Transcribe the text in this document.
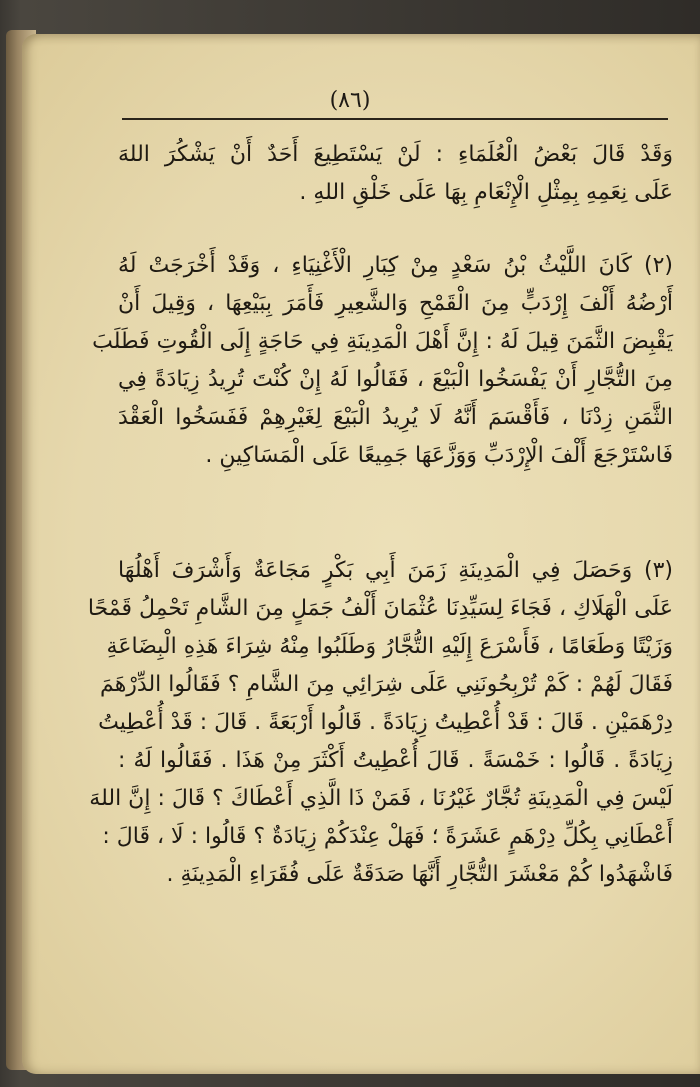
(٨٦)
وَقَدْ قَالَ بَعْضُ الْعُلَمَاءِ : لَنْ يَسْتَطِيعَ أَحَدٌ أَنْ يَشْكُرَ اللهَ
عَلَى نِعَمِهِ بِمِثْلِ الْإِنْعَامِ بِهَا عَلَى خَلْقِ اللهِ .
(٢) كَانَ اللَّيْثُ بْنُ سَعْدٍ مِنْ كِبَارِ الْأَغْنِيَاءِ ، وَقَدْ أَخْرَجَتْ لَهُ
أَرْضُهُ أَلْفَ إِرْدَبٍّ مِنَ الْقَمْحِ وَالشَّعِيرِ فَأَمَرَ بِبَيْعِهَا ، وَقِيلَ أَنْ
يَقْبِضَ الثَّمَنَ قِيلَ لَهُ : إِنَّ أَهْلَ الْمَدِينَةِ فِي حَاجَةٍ إِلَى الْقُوتِ فَطَلَبَ
مِنَ التُّجَّارِ أَنْ يَفْسَخُوا الْبَيْعَ ، فَقَالُوا لَهُ إِنْ كُنْتَ تُرِيدُ زِيَادَةً فِي
الثَّمَنِ زِدْنَا ، فَأَقْسَمَ أَنَّهُ لَا يُرِيدُ الْبَيْعَ لِغَيْرِهِمْ فَفَسَخُوا الْعَقْدَ
فَاسْتَرْجَعَ أَلْفَ الْإِرْدَبِّ وَوَزَّعَهَا جَمِيعًا عَلَى الْمَسَاكِينِ .
(٣) وَحَصَلَ فِي الْمَدِينَةِ زَمَنَ أَبِي بَكْرٍ مَجَاعَةٌ وَأَشْرَفَ أَهْلُهَا
عَلَى الْهَلَاكِ ، فَجَاءَ لِسَيِّدِنَا عُثْمَانَ أَلْفُ جَمَلٍ مِنَ الشَّامِ تَحْمِلُ قَمْحًا
وَزَيْتًا وَطَعَامًا ، فَأَسْرَعَ إِلَيْهِ التُّجَّارُ وَطَلَبُوا مِنْهُ شِرَاءَ هَذِهِ الْبِضَاعَةِ
فَقَالَ لَهُمْ : كَمْ تُرْبِحُونَنِي عَلَى شِرَائِي مِنَ الشَّامِ ؟ فَقَالُوا الدِّرْهَمَ
دِرْهَمَيْنِ . قَالَ : قَدْ أُعْطِيتُ زِيَادَةً . قَالُوا أَرْبَعَةً . قَالَ : قَدْ أُعْطِيتُ
زِيَادَةً . قَالُوا : خَمْسَةً . قَالَ أُعْطِيتُ أَكْثَرَ مِنْ هَذَا . فَقَالُوا لَهُ :
لَيْسَ فِي الْمَدِينَةِ تُجَّارٌ غَيْرُنَا ، فَمَنْ ذَا الَّذِي أَعْطَاكَ ؟ قَالَ : إِنَّ اللهَ
أَعْطَانِي بِكُلِّ دِرْهَمٍ عَشَرَةً ؛ فَهَلْ عِنْدَكُمْ زِيَادَةٌ ؟ قَالُوا : لَا ، قَالَ :
فَاشْهَدُوا كُمْ مَعْشَرَ التُّجَّارِ أَنَّهَا صَدَقَةٌ عَلَى فُقَرَاءِ الْمَدِينَةِ .
